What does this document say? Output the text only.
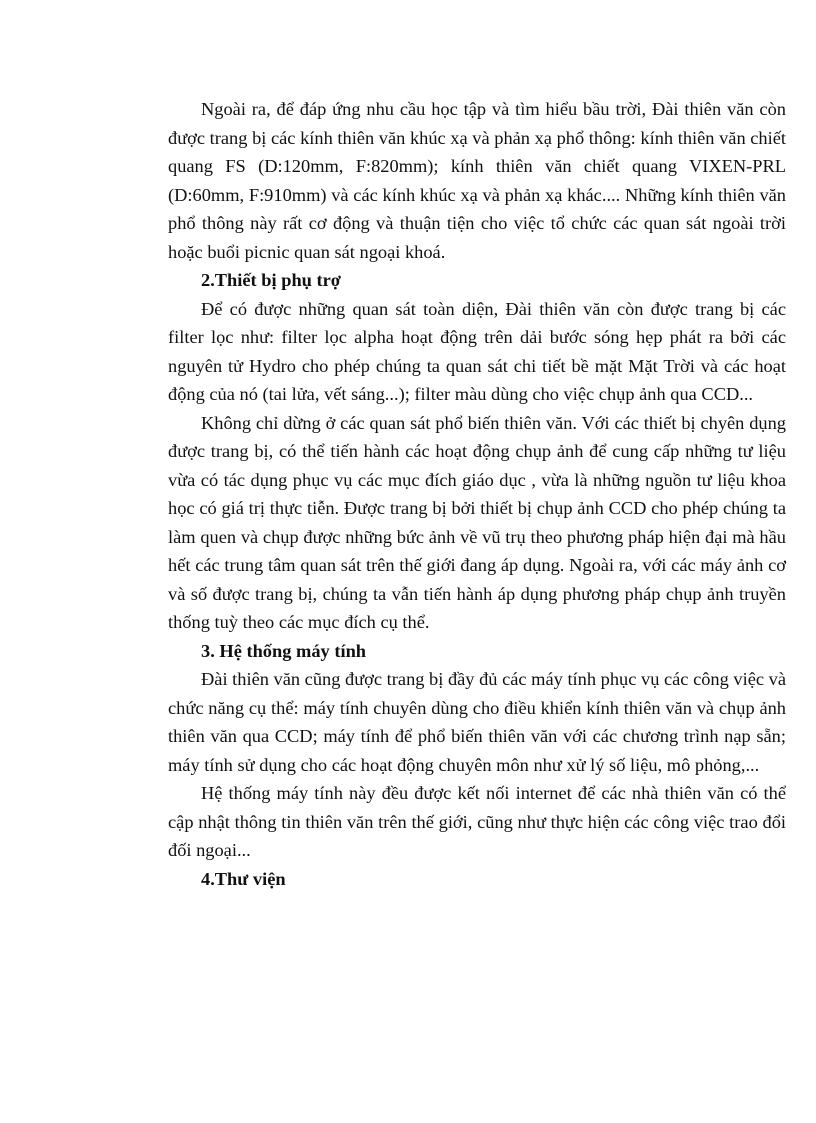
Ngoài ra, để đáp ứng nhu cầu học tập và tìm hiểu bầu trời, Đài thiên văn còn được trang bị các kính thiên văn khúc xạ và phản xạ phổ thông: kính thiên văn chiết quang FS (D:120mm, F:820mm); kính thiên văn chiết quang VIXEN-PRL (D:60mm, F:910mm) và các kính khúc xạ và phản xạ khác.... Những kính thiên văn phổ thông này rất cơ động và thuận tiện cho việc tổ chức các quan sát ngoài trời hoặc buổi picnic quan sát ngoại khoá.

2.Thiết bị phụ trợ

Để có được những quan sát toàn diện, Đài thiên văn còn được trang bị các filter lọc như: filter lọc alpha hoạt động trên dải bước sóng hẹp phát ra bởi các nguyên tử Hydro cho phép chúng ta quan sát chi tiết bề mặt Mặt Trời và các hoạt động của nó (tai lửa, vết sáng...); filter màu dùng cho việc chụp ảnh qua CCD...

Không chỉ dừng ở các quan sát phổ biến thiên văn. Với các thiết bị chyên dụng được trang bị, có thể tiến hành các hoạt động chụp ảnh để cung cấp những tư liệu vừa có tác dụng phục vụ các mục đích giáo dục , vừa là những nguồn tư liệu khoa học có giá trị thực tiễn. Được trang bị bởi thiết bị chụp ảnh CCD cho phép chúng ta làm quen và chụp được những bức ảnh về vũ trụ theo phương pháp hiện đại mà hầu hết các trung tâm quan sát trên thế giới đang áp dụng. Ngoài ra, với các máy ảnh cơ và số được trang bị, chúng ta vẫn tiến hành áp dụng phương pháp chụp ảnh truyền thống tuỳ theo các mục đích cụ thể.

3. Hệ thống máy tính

Đài thiên văn cũng được trang bị đầy đủ các máy tính phục vụ các công việc và chức năng cụ thể: máy tính chuyên dùng cho điều khiển kính thiên văn và chụp ảnh thiên văn qua CCD; máy tính để phổ biến thiên văn với các chương trình nạp sẵn; máy tính sử dụng cho các hoạt động chuyên môn như xử lý số liệu, mô phỏng,...

Hệ thống máy tính này đều được kết nối internet để các nhà thiên văn có thể cập nhật thông tin thiên văn trên thế giới, cũng như thực hiện các công việc trao đổi đối ngoại...

4.Thư viện
